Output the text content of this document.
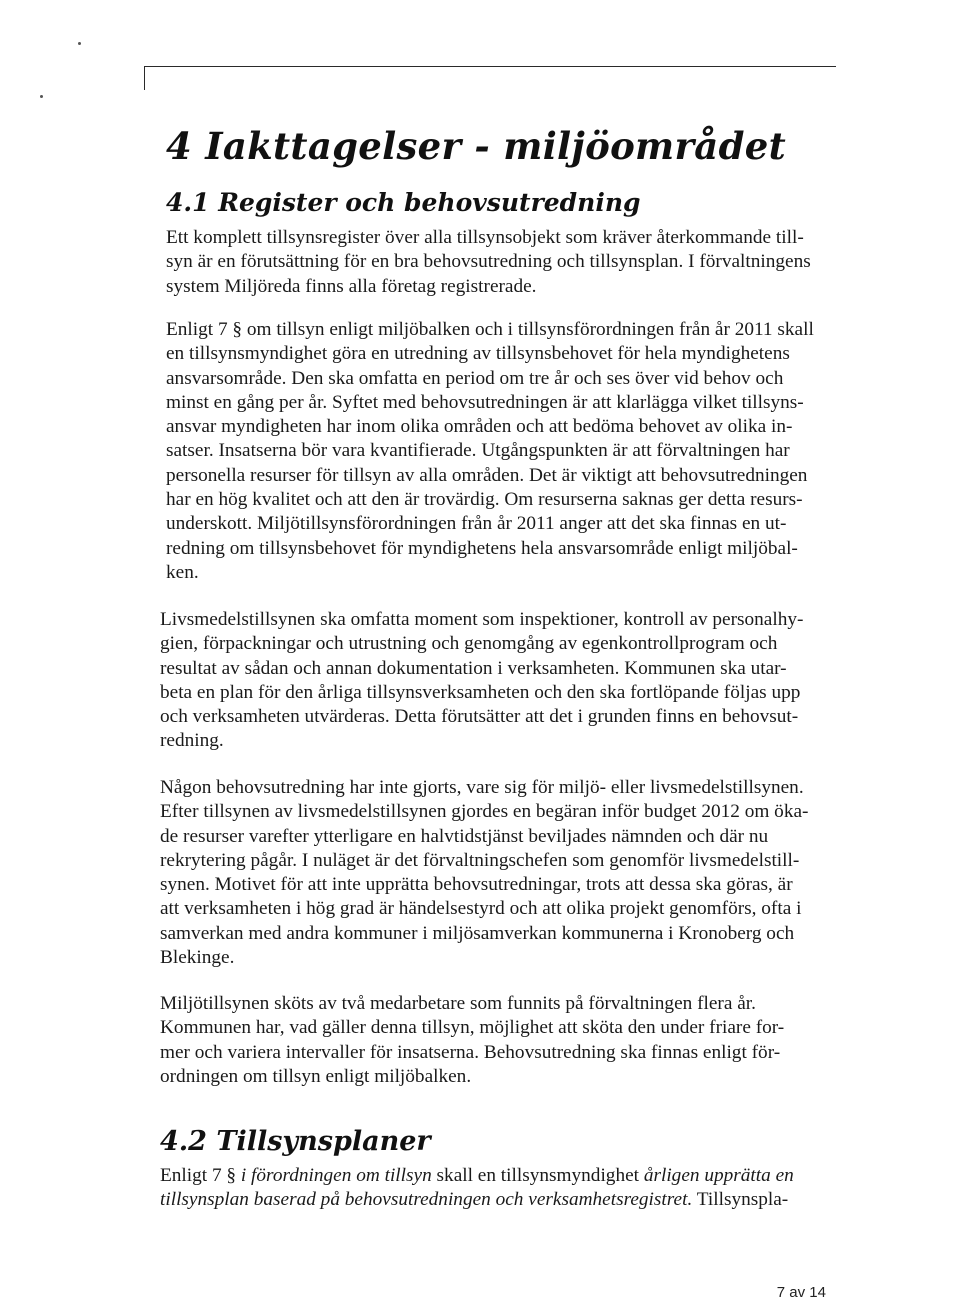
4 Iakttagelser - miljöområdet
4.1 Register och behovsutredning

Ett komplett tillsynsregister över alla tillsynsobjekt som kräver återkommande till-
syn är en förutsättning för en bra behovsutredning och tillsynsplan. I förvaltningens
system Miljöreda finns alla företag registrerade.

Enligt 7 § om tillsyn enligt miljöbalken och i tillsynsförordningen från år 2011 skall
en tillsynsmyndighet göra en utredning av tillsynsbehovet för hela myndighetens
ansvarsområde. Den ska omfatta en period om tre år och ses över vid behov och
minst en gång per år. Syftet med behovsutredningen är att klarlägga vilket tillsyns-
ansvar myndigheten har inom olika områden och att bedöma behovet av olika in-
satser. Insatserna bör vara kvantifierade. Utgångspunkten är att förvaltningen har
personella resurser för tillsyn av alla områden. Det är viktigt att behovsutredningen
har en hög kvalitet och att den är trovärdig. Om resurserna saknas ger detta resurs-
underskott. Miljötillsynsförordningen från år 2011 anger att det ska finnas en ut-
redning om tillsynsbehovet för myndighetens hela ansvarsområde enligt miljöbal-
ken.

Livsmedelstillsynen ska omfatta moment som inspektioner, kontroll av personalhy-
gien, förpackningar och utrustning och genomgång av egenkontrollprogram och
resultat av sådan och annan dokumentation i verksamheten. Kommunen ska utar-
beta en plan för den årliga tillsynsverksamheten och den ska fortlöpande följas upp
och verksamheten utvärderas. Detta förutsätter att det i grunden finns en behovsut-
redning.

Någon behovsutredning har inte gjorts, vare sig för miljö- eller livsmedelstillsynen.
Efter tillsynen av livsmedelstillsynen gjordes en begäran inför budget 2012 om öka-
de resurser varefter ytterligare en halvtidstjänst beviljades nämnden och där nu
rekrytering pågår. I nuläget är det förvaltningschefen som genomför livsmedelstill-
synen. Motivet för att inte upprätta behovsutredningar, trots att dessa ska göras, är
att verksamheten i hög grad är händelsestyrd och att olika projekt genomförs, ofta i
samverkan med andra kommuner i miljösamverkan kommunerna i Kronoberg och
Blekinge.

Miljötillsynen sköts av två medarbetare som funnits på förvaltningen flera år.
Kommunen har, vad gäller denna tillsyn, möjlighet att sköta den under friare for-
mer och variera intervaller för insatserna. Behovsutredning ska finnas enligt för-
ordningen om tillsyn enligt miljöbalken.

4.2 Tillsynsplaner

Enligt 7 § i förordningen om tillsyn skall en tillsynsmyndighet årligen upprätta en
tillsynsplan baserad på behovsutredningen och verksamhetsregistret. Tillsynspla-

7 av 14
